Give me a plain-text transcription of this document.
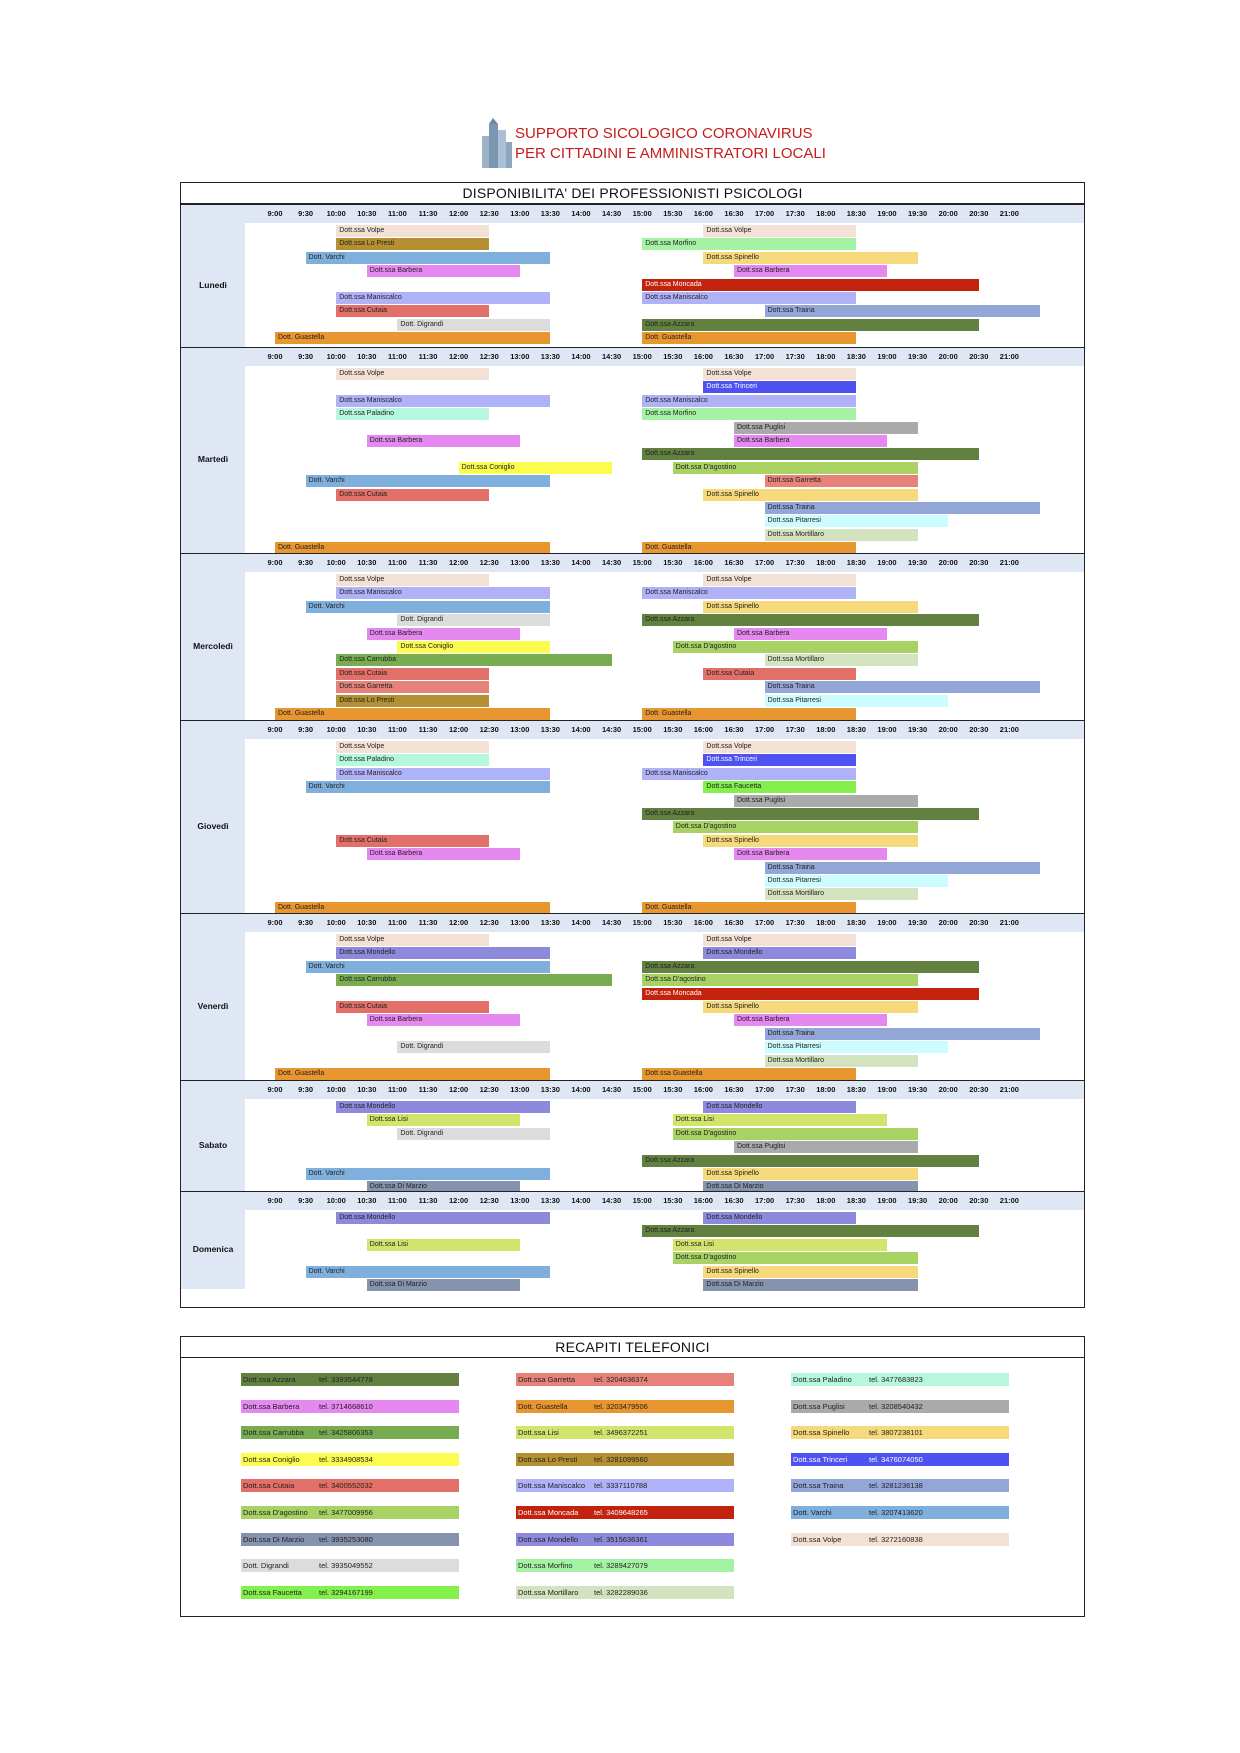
SUPPORTO SICOLOGICO CORONAVIRUS
PER CITTADINI E AMMINISTRATORI LOCALI
DISPONIBILITA' DEI PROFESSIONISTI PSICOLOGI
9:00	9:30	10:00	10:30	11:00	11:30	12:00	12:30	13:00	13:30	14:00	14:30	15:00	15:30	16:00	16:30	17:00	17:30	18:00	18:30	19:00	19:30	20:00	20:30	21:00
Lunedì
Dott.ssa Volpe	Dott.ssa Volpe
Dott.ssa Lo Presti	Dott.ssa Morfino
Dott. Varchi	Dott.ssa Spinello
Dott.ssa Barbera	Dott.ssa Barbera
Dott.ssa Moncada
Dott.ssa Maniscalco	Dott.ssa Maniscalco
Dott.ssa Cutaia	Dott.ssa Traina
Dott. Digrandi	Dott.ssa Azzara
Dott. Guastella	Dott. Guastella
9:00	9:30	10:00	10:30	11:00	11:30	12:00	12:30	13:00	13:30	14:00	14:30	15:00	15:30	16:00	16:30	17:00	17:30	18:00	18:30	19:00	19:30	20:00	20:30	21:00
Martedì
Dott.ssa Volpe	Dott.ssa Volpe
Dott.ssa Trinceri
Dott.ssa Maniscalco	Dott.ssa Maniscalco
Dott.ssa Paladino	Dott.ssa Morfino
Dott.ssa Puglisi
Dott.ssa Barbera	Dott.ssa Barbera
Dott.ssa Azzara
Dott.ssa Coniglio	Dott.ssa D'agostino
Dott. Varchi	Dott.ssa Garretta
Dott.ssa Cutaia	Dott.ssa Spinello
Dott.ssa Traina
Dott.ssa Pitarresi
Dott.ssa Mortillaro
Dott. Guastella	Dott. Guastella
9:00	9:30	10:00	10:30	11:00	11:30	12:00	12:30	13:00	13:30	14:00	14:30	15:00	15:30	16:00	16:30	17:00	17:30	18:00	18:30	19:00	19:30	20:00	20:30	21:00
Mercoledì
Dott.ssa Volpe	Dott.ssa Volpe
Dott.ssa Maniscalco	Dott.ssa Maniscalco
Dott. Varchi	Dott.ssa Spinello
Dott. Digrandi	Dott.ssa Azzara
Dott.ssa Barbera	Dott.ssa Barbera
Dott.ssa Coniglio	Dott.ssa D'agostino
Dott.ssa Carrubba	Dott.ssa Mortillaro
Dott.ssa Cutaia	Dott.ssa Cutaia
Dott.ssa Garretta	Dott.ssa Traina
Dott.ssa Lo Presti	Dott.ssa Pitarresi
Dott. Guastella	Dott. Guastella
9:00	9:30	10:00	10:30	11:00	11:30	12:00	12:30	13:00	13:30	14:00	14:30	15:00	15:30	16:00	16:30	17:00	17:30	18:00	18:30	19:00	19:30	20:00	20:30	21:00
Giovedì
Dott.ssa Volpe	Dott.ssa Volpe
Dott.ssa Paladino	Dott.ssa Trinceri
Dott.ssa Maniscalco	Dott.ssa Maniscalco
Dott. Varchi	Dott.ssa Faucetta
Dott.ssa Puglisi
Dott.ssa Azzara
Dott.ssa D'agostino
Dott.ssa Cutaia	Dott.ssa Spinello
Dott.ssa Barbera	Dott.ssa Barbera
Dott.ssa Traina
Dott.ssa Pitarresi
Dott.ssa Mortillaro
Dott. Guastella	Dott. Guastella
9:00	9:30	10:00	10:30	11:00	11:30	12:00	12:30	13:00	13:30	14:00	14:30	15:00	15:30	16:00	16:30	17:00	17:30	18:00	18:30	19:00	19:30	20:00	20:30	21:00
Venerdì
Dott.ssa Volpe	Dott.ssa Volpe
Dott.ssa Mondello	Dott.ssa Mondello
Dott. Varchi	Dott.ssa Azzara
Dott.ssa Carrubba	Dott.ssa D'agostino
Dott.ssa Moncada
Dott.ssa Cutaia	Dott.ssa Spinello
Dott.ssa Barbera	Dott.ssa Barbera
Dott.ssa Traina
Dott. Digrandi	Dott.ssa Pitarresi
Dott.ssa Mortillaro
Dott. Guastella	Dott.ssa Guastella
9:00	9:30	10:00	10:30	11:00	11:30	12:00	12:30	13:00	13:30	14:00	14:30	15:00	15:30	16:00	16:30	17:00	17:30	18:00	18:30	19:00	19:30	20:00	20:30	21:00
Sabato
Dott.ssa Mondello	Dott.ssa Mondello
Dott.ssa Lisi	Dott.ssa Lisi
Dott. Digrandi	Dott.ssa D'agostino
Dott.ssa Puglisi
Dott.ssa Azzara
Dott. Varchi	Dott.ssa Spinello
Dott.ssa Di Marzio	Dott.ssa Di Marzio
9:00	9:30	10:00	10:30	11:00	11:30	12:00	12:30	13:00	13:30	14:00	14:30	15:00	15:30	16:00	16:30	17:00	17:30	18:00	18:30	19:00	19:30	20:00	20:30	21:00
Domenica
Dott.ssa Mondello	Dott.ssa Mondello
Dott.ssa Azzara
Dott.ssa Lisi	Dott.ssa Lisi
Dott.ssa D'agostino
Dott. Varchi	Dott.ssa Spinello
Dott.ssa Di Marzio	Dott.ssa Di Marzio
RECAPITI TELEFONICI
Dott.ssa Azzara	tel. 3393544778
Dott.ssa Barbera	tel. 3714668610
Dott.ssa Carrubba tel. 3425806353
Dott.ssa Coniglio	tel. 3334908534
Dott.ssa Cutaia	tel. 3400552032
Dott.ssa D'agostino tel. 3477009956
Dott.ssa Di Marzio tel. 3935253080
Dott. Digrandi	tel. 3935049552
Dott.ssa Faucetta tel. 3294167199
Dott.ssa Garretta	tel. 3204636374
Dott. Guastella	tel. 3203479506
Dott.ssa Lisi	tel. 3496372251
Dott.ssa Lo Presti tel. 3281099560
Dott.ssa Maniscalco tel. 3337110788
Dott.ssa Moncada tel. 3409648265
Dott.ssa Mondello tel. 3515636361
Dott.ssa Morfino	tel. 3289427079
Dott.ssa Mortillaro tel. 3282289036
Dott.ssa Paladino tel. 3477683823
Dott.ssa Puglisi	tel. 3208540432
Dott.ssa Spinello	tel. 3807238101
Dott.ssa Trinceri	tel. 3476074050
Dott.ssa Traina	tel. 3281236138
Dott. Varchi	tel. 3207413620
Dott.ssa Volpe	tel. 3272160838
